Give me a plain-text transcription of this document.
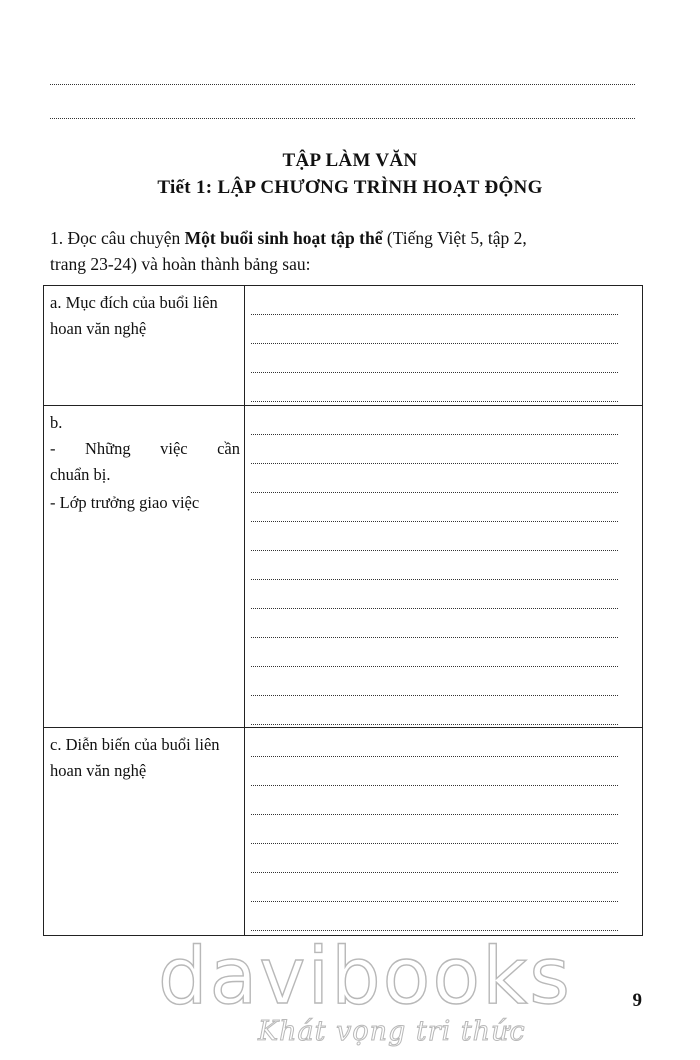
TẬP LÀM VĂN
Tiết 1: LẬP CHƯƠNG TRÌNH HOẠT ĐỘNG
1. Đọc câu chuyện Một buổi sinh hoạt tập thể (Tiếng Việt 5, tập 2,
trang 23-24) và hoàn thành bảng sau:
a. Mục đích của buổi liên hoan văn nghệ	

b.
- Những việc cần
chuẩn bị.
- Lớp trưởng giao việc	

c. Diễn biến của buổi liên hoan văn nghệ	

davibooks
Khát vọng tri thức
9
